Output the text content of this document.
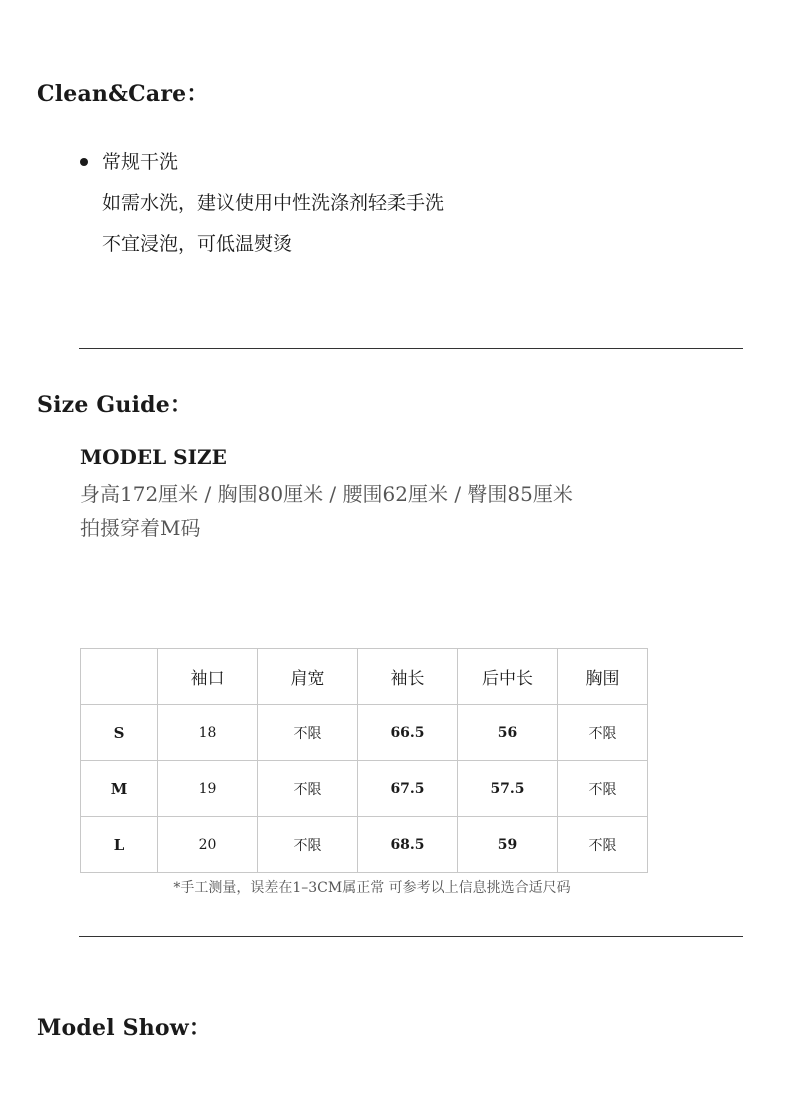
Clean&Care：
常规干洗
如需水洗，建议使用中性洗涤剂轻柔手洗
不宜浸泡，可低温熨烫
Size Guide：
MODEL SIZE
身高172厘米 / 胸围80厘米 / 腰围62厘米 / 臀围85厘米
拍摄穿着M码
	袖口	肩宽	袖长	后中长	胸围
S	18	不限	66.5	56	不限
M	19	不限	67.5	57.5	不限
L	20	不限	68.5	59	不限
*手工测量，误差在1–3CM属正常 可参考以上信息挑选合适尺码
Model Show：
